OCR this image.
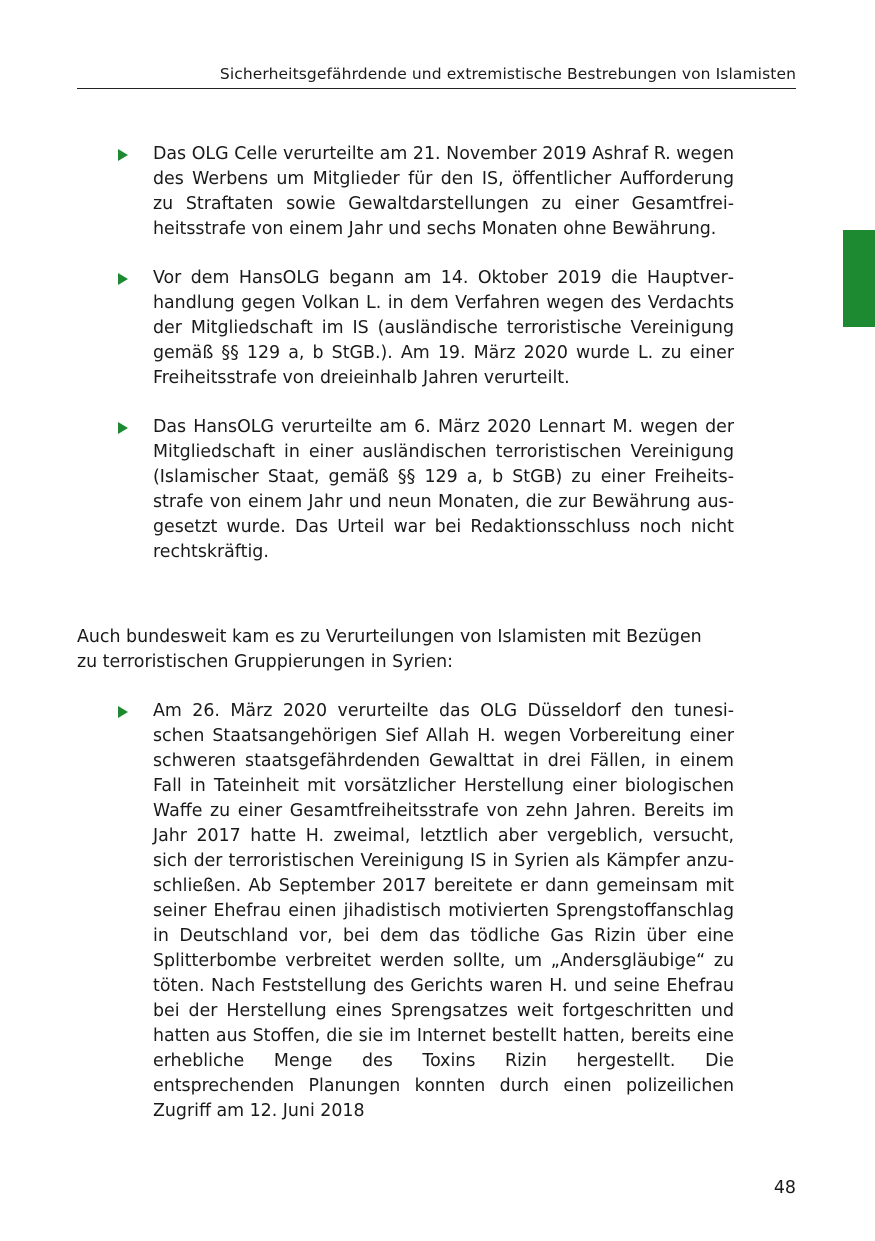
Sicherheitsgefährdende und extremistische Bestrebungen von Islamisten
Das OLG Celle verurteilte am 21. November 2019 Ashraf R. wegen des Werbens um Mitglieder für den IS, öffentlicher Aufforderung zu Straftaten sowie Gewaltdarstellungen zu einer Gesamtfreiheitsstrafe von einem Jahr und sechs Monaten ohne Bewährung.
Vor dem HansOLG begann am 14. Oktober 2019 die Hauptverhandlung gegen Volkan L. in dem Verfahren wegen des Verdachts der Mitgliedschaft im IS (ausländische terroristische Vereinigung gemäß §§ 129 a, b StGB.). Am 19. März 2020 wurde L. zu einer Freiheitsstrafe von dreieinhalb Jahren verurteilt.
Das HansOLG verurteilte am 6. März 2020 Lennart M. wegen der Mitgliedschaft in einer ausländischen terroristischen Vereinigung (Islamischer Staat, gemäß §§ 129 a, b StGB) zu einer Freiheitsstrafe von einem Jahr und neun Monaten, die zur Bewährung ausgesetzt wurde. Das Urteil war bei Redaktionsschluss noch nicht rechtskräftig.

Auch bundesweit kam es zu Verurteilungen von Islamisten mit Bezügen zu terroristischen Gruppierungen in Syrien:

Am 26. März 2020 verurteilte das OLG Düsseldorf den tunesischen Staatsangehörigen Sief Allah H. wegen Vorbereitung einer schweren staatsgefährdenden Gewalttat in drei Fällen, in einem Fall in Tateinheit mit vorsätzlicher Herstellung einer biologischen Waffe zu einer Gesamtfreiheitsstrafe von zehn Jahren. Bereits im Jahr 2017 hatte H. zweimal, letztlich aber vergeblich, versucht, sich der terroristischen Vereinigung IS in Syrien als Kämpfer anzuschließen. Ab September 2017 bereitete er dann gemeinsam mit seiner Ehefrau einen jihadistisch motivierten Sprengstoffanschlag in Deutschland vor, bei dem das tödliche Gas Rizin über eine Splitterbombe verbreitet werden sollte, um „Andersgläubige“ zu töten. Nach Feststellung des Gerichts waren H. und seine Ehefrau bei der Herstellung eines Sprengsatzes weit fortgeschritten und hatten aus Stoffen, die sie im Internet bestellt hatten, bereits eine erhebliche Menge des Toxins Rizin hergestellt. Die entsprechenden Planungen konnten durch einen polizeilichen Zugriff am 12. Juni 2018
48
